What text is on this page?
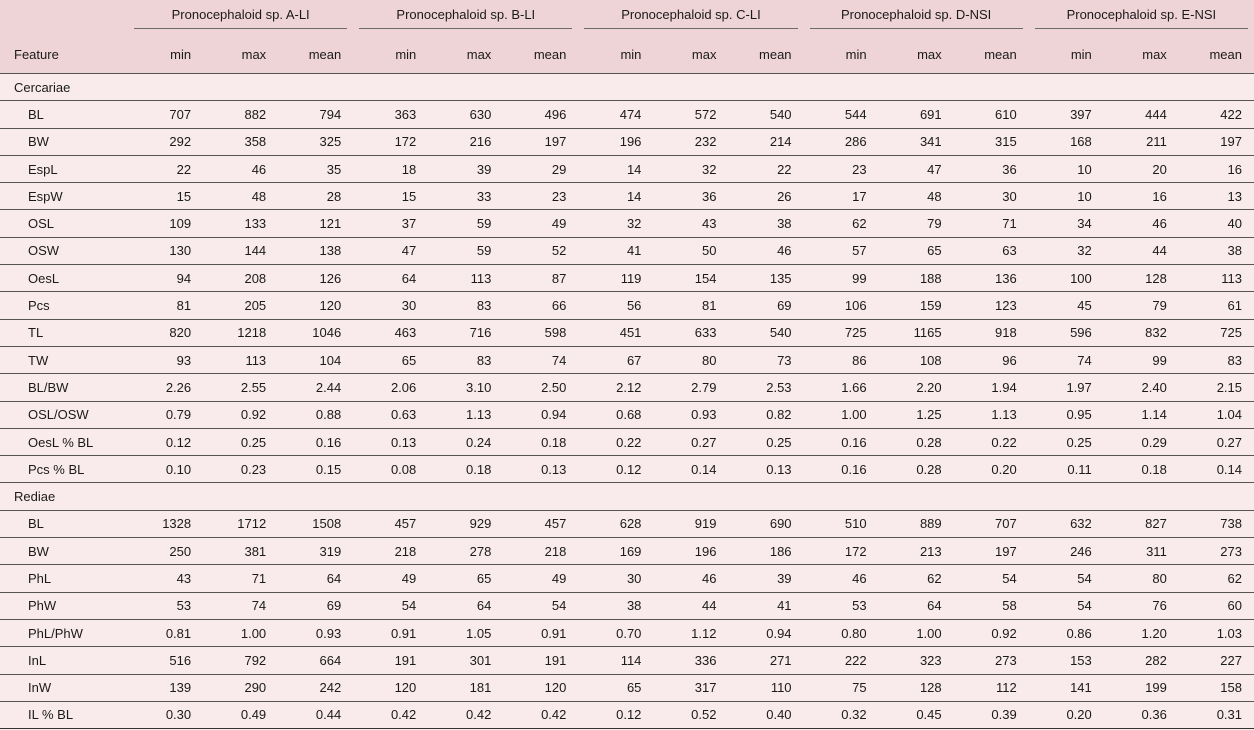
	Pronocephaloid sp. A-LI			Pronocephaloid sp. B-LI			Pronocephaloid sp. C-LI			Pronocephaloid sp. D-NSI			Pronocephaloid sp. E-NSI		

Feature	min	max	mean	min	max	mean	min	max	mean	min	max	mean	min	max	mean
Cercariae															
BL	707	882	794	363	630	496	474	572	540	544	691	610	397	444	422
BW	292	358	325	172	216	197	196	232	214	286	341	315	168	211	197
EspL	22	46	35	18	39	29	14	32	22	23	47	36	10	20	16
EspW	15	48	28	15	33	23	14	36	26	17	48	30	10	16	13
OSL	109	133	121	37	59	49	32	43	38	62	79	71	34	46	40
OSW	130	144	138	47	59	52	41	50	46	57	65	63	32	44	38
OesL	94	208	126	64	113	87	119	154	135	99	188	136	100	128	113
Pcs	81	205	120	30	83	66	56	81	69	106	159	123	45	79	61
TL	820	1218	1046	463	716	598	451	633	540	725	1165	918	596	832	725
TW	93	113	104	65	83	74	67	80	73	86	108	96	74	99	83
BL/BW	2.26	2.55	2.44	2.06	3.10	2.50	2.12	2.79	2.53	1.66	2.20	1.94	1.97	2.40	2.15
OSL/OSW	0.79	0.92	0.88	0.63	1.13	0.94	0.68	0.93	0.82	1.00	1.25	1.13	0.95	1.14	1.04
OesL % BL	0.12	0.25	0.16	0.13	0.24	0.18	0.22	0.27	0.25	0.16	0.28	0.22	0.25	0.29	0.27
Pcs % BL	0.10	0.23	0.15	0.08	0.18	0.13	0.12	0.14	0.13	0.16	0.28	0.20	0.11	0.18	0.14
Rediae															
BL	1328	1712	1508	457	929	457	628	919	690	510	889	707	632	827	738
BW	250	381	319	218	278	218	169	196	186	172	213	197	246	311	273
PhL	43	71	64	49	65	49	30	46	39	46	62	54	54	80	62
PhW	53	74	69	54	64	54	38	44	41	53	64	58	54	76	60
PhL/PhW	0.81	1.00	0.93	0.91	1.05	0.91	0.70	1.12	0.94	0.80	1.00	0.92	0.86	1.20	1.03
InL	516	792	664	191	301	191	114	336	271	222	323	273	153	282	227
InW	139	290	242	120	181	120	65	317	110	75	128	112	141	199	158
IL % BL	0.30	0.49	0.44	0.42	0.42	0.42	0.12	0.52	0.40	0.32	0.45	0.39	0.20	0.36	0.31
